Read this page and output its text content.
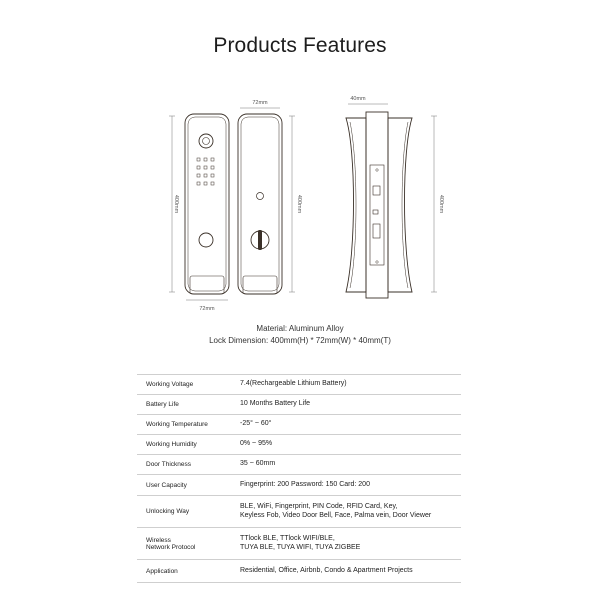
Products Features
400mm
72mm
72mm
400mm
40mm
400mm
Material: Aluminum Alloy
Lock Dimension: 400mm(H) * 72mm(W) * 40mm(T)
Working Voltage	7.4(Rechargeable Lithium Battery)

Battery Life	10 Months Battery Life

Working Temperature	-25° ~ 60°

Working Humidity	0% ~ 95%

Door Thickness	35 ~ 60mm

User Capacity	Fingerprint: 200 Password: 150 Card: 200

Unlocking Way	BLE, WiFi, Fingerprint, PIN Code, RFID Card, Key,
Keyless Fob, Video Door Bell, Face, Palma vein, Door Viewer

Wireless
Network Protocol	TTlock BLE, TTlock WIFI/BLE,
TUYA BLE, TUYA WIFI, TUYA ZIGBEE

Application	Residential, Office, Airbnb, Condo & Apartment Projects
